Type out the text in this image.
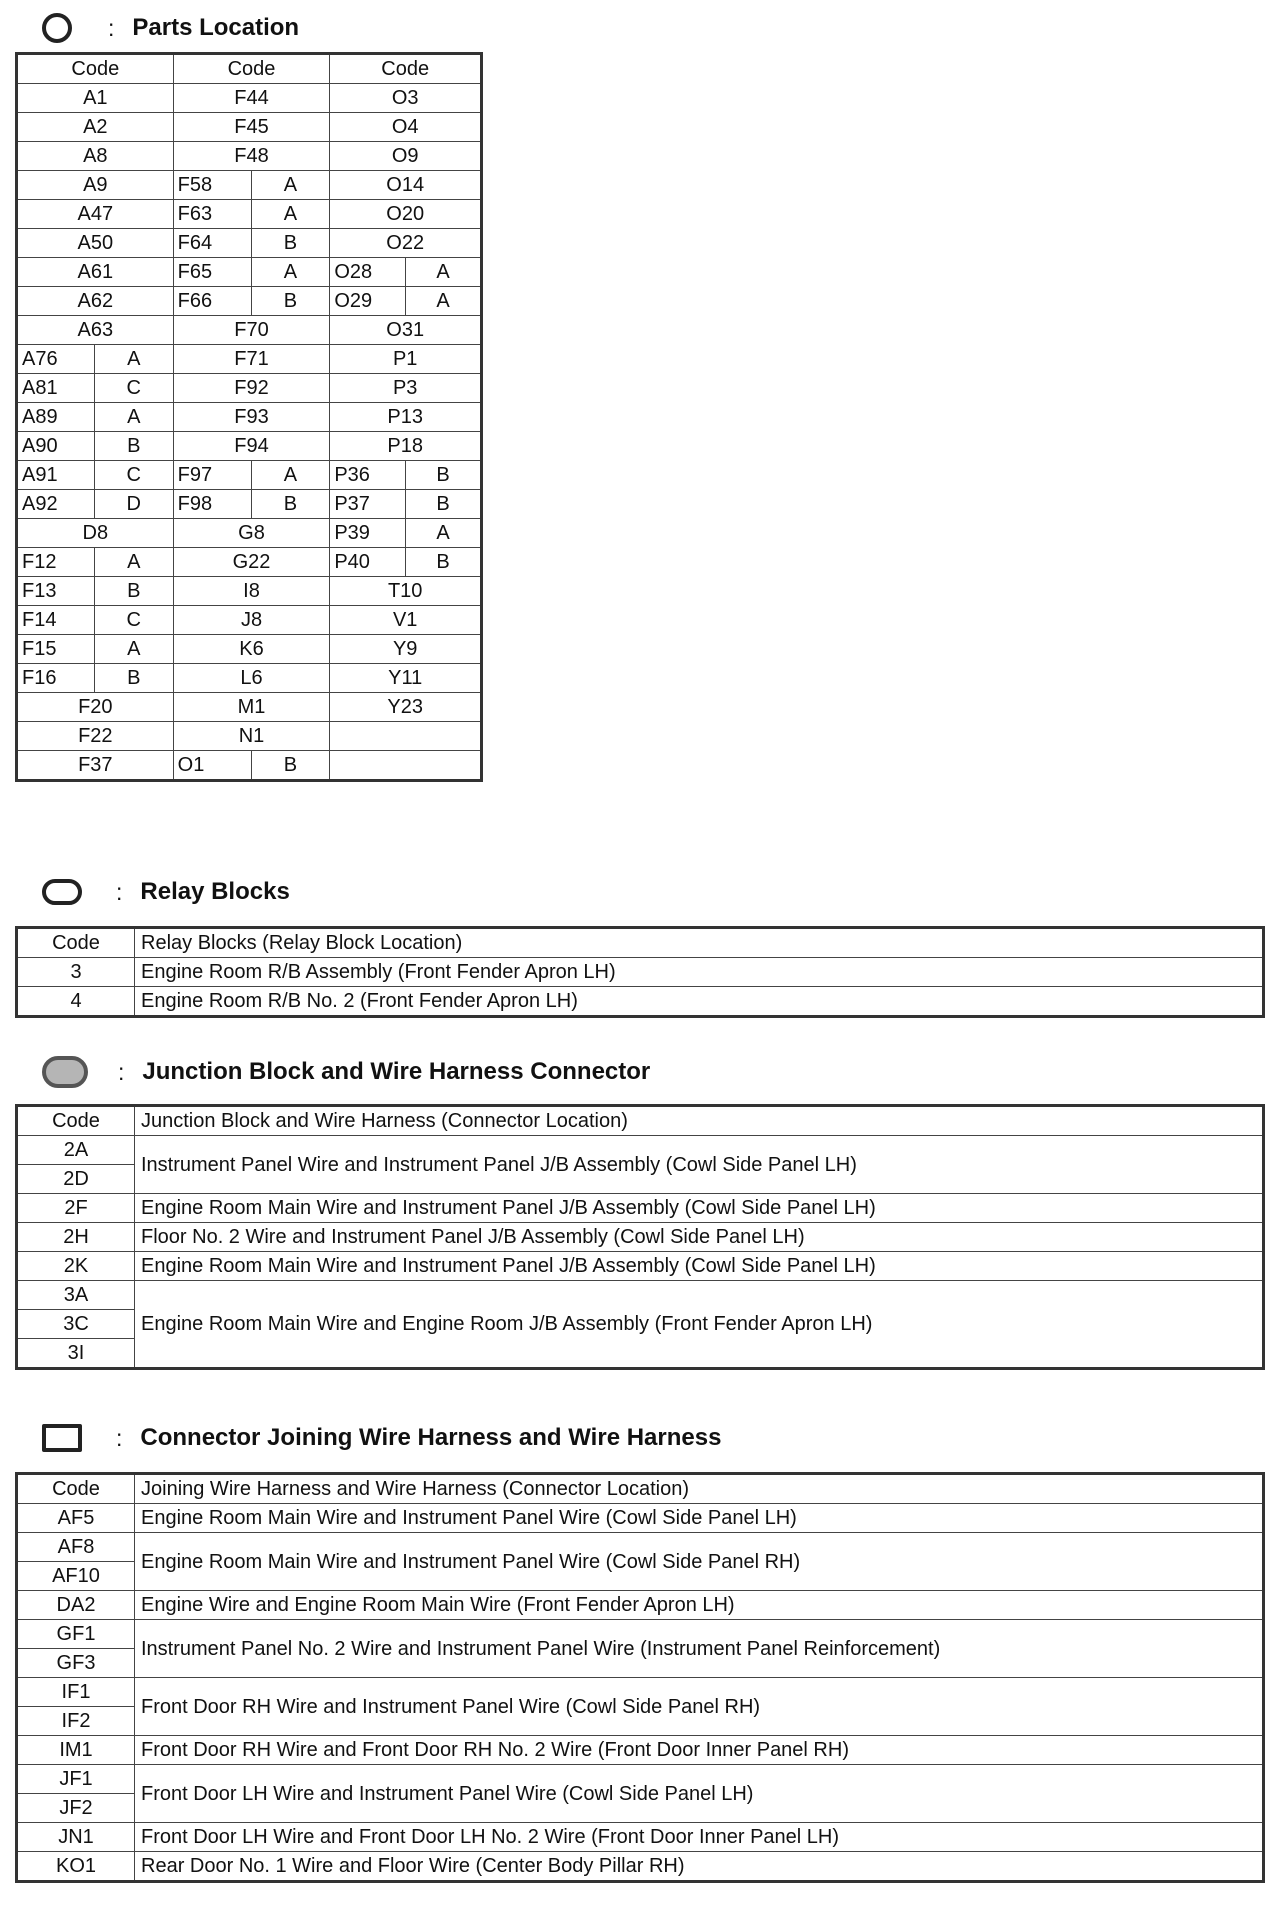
: Parts Location
Code		Code		Code	
A1		F44		O3	
A2		F45		O4	
A8		F48		O9	
A9		F58	A	O14	
A47		F63	A	O20	
A50		F64	B	O22	
A61		F65	A	O28	A
A62		F66	B	O29	A
A63		F70		O31	
A76	A	F71		P1	
A81	C	F92		P3	
A89	A	F93		P13	
A90	B	F94		P18	
A91	C	F97	A	P36	B
A92	D	F98	B	P37	B
D8		G8		P39	A
F12	A	G22		P40	B
F13	B	I8		T10	
F14	C	J8		V1	
F15	A	K6		Y9	
F16	B	L6		Y11	
F20		M1		Y23	
F22		N1			
F37		O1	B		
: Relay Blocks
Code	Relay Blocks (Relay Block Location)
3	Engine Room R/B Assembly (Front Fender Apron LH)
4	Engine Room R/B No. 2 (Front Fender Apron LH)
: Junction Block and Wire Harness Connector
Code	Junction Block and Wire Harness (Connector Location)
2A	Instrument Panel Wire and Instrument Panel J/B Assembly (Cowl Side Panel LH)
2D	
2F	Engine Room Main Wire and Instrument Panel J/B Assembly (Cowl Side Panel LH)
2H	Floor No. 2 Wire and Instrument Panel J/B Assembly (Cowl Side Panel LH)
2K	Engine Room Main Wire and Instrument Panel J/B Assembly (Cowl Side Panel LH)
3A	Engine Room Main Wire and Engine Room J/B Assembly (Front Fender Apron LH)
3C	
3I	
: Connector Joining Wire Harness and Wire Harness
Code	Joining Wire Harness and Wire Harness (Connector Location)
AF5	Engine Room Main Wire and Instrument Panel Wire (Cowl Side Panel LH)
AF8	Engine Room Main Wire and Instrument Panel Wire (Cowl Side Panel RH)
AF10	
DA2	Engine Wire and Engine Room Main Wire (Front Fender Apron LH)
GF1	Instrument Panel No. 2 Wire and Instrument Panel Wire (Instrument Panel Reinforcement)
GF3	
IF1	Front Door RH Wire and Instrument Panel Wire (Cowl Side Panel RH)
IF2	
IM1	Front Door RH Wire and Front Door RH No. 2 Wire (Front Door Inner Panel RH)
JF1	Front Door LH Wire and Instrument Panel Wire (Cowl Side Panel LH)
JF2	
JN1	Front Door LH Wire and Front Door LH No. 2 Wire (Front Door Inner Panel LH)
KO1	Rear Door No. 1 Wire and Floor Wire (Center Body Pillar RH)
